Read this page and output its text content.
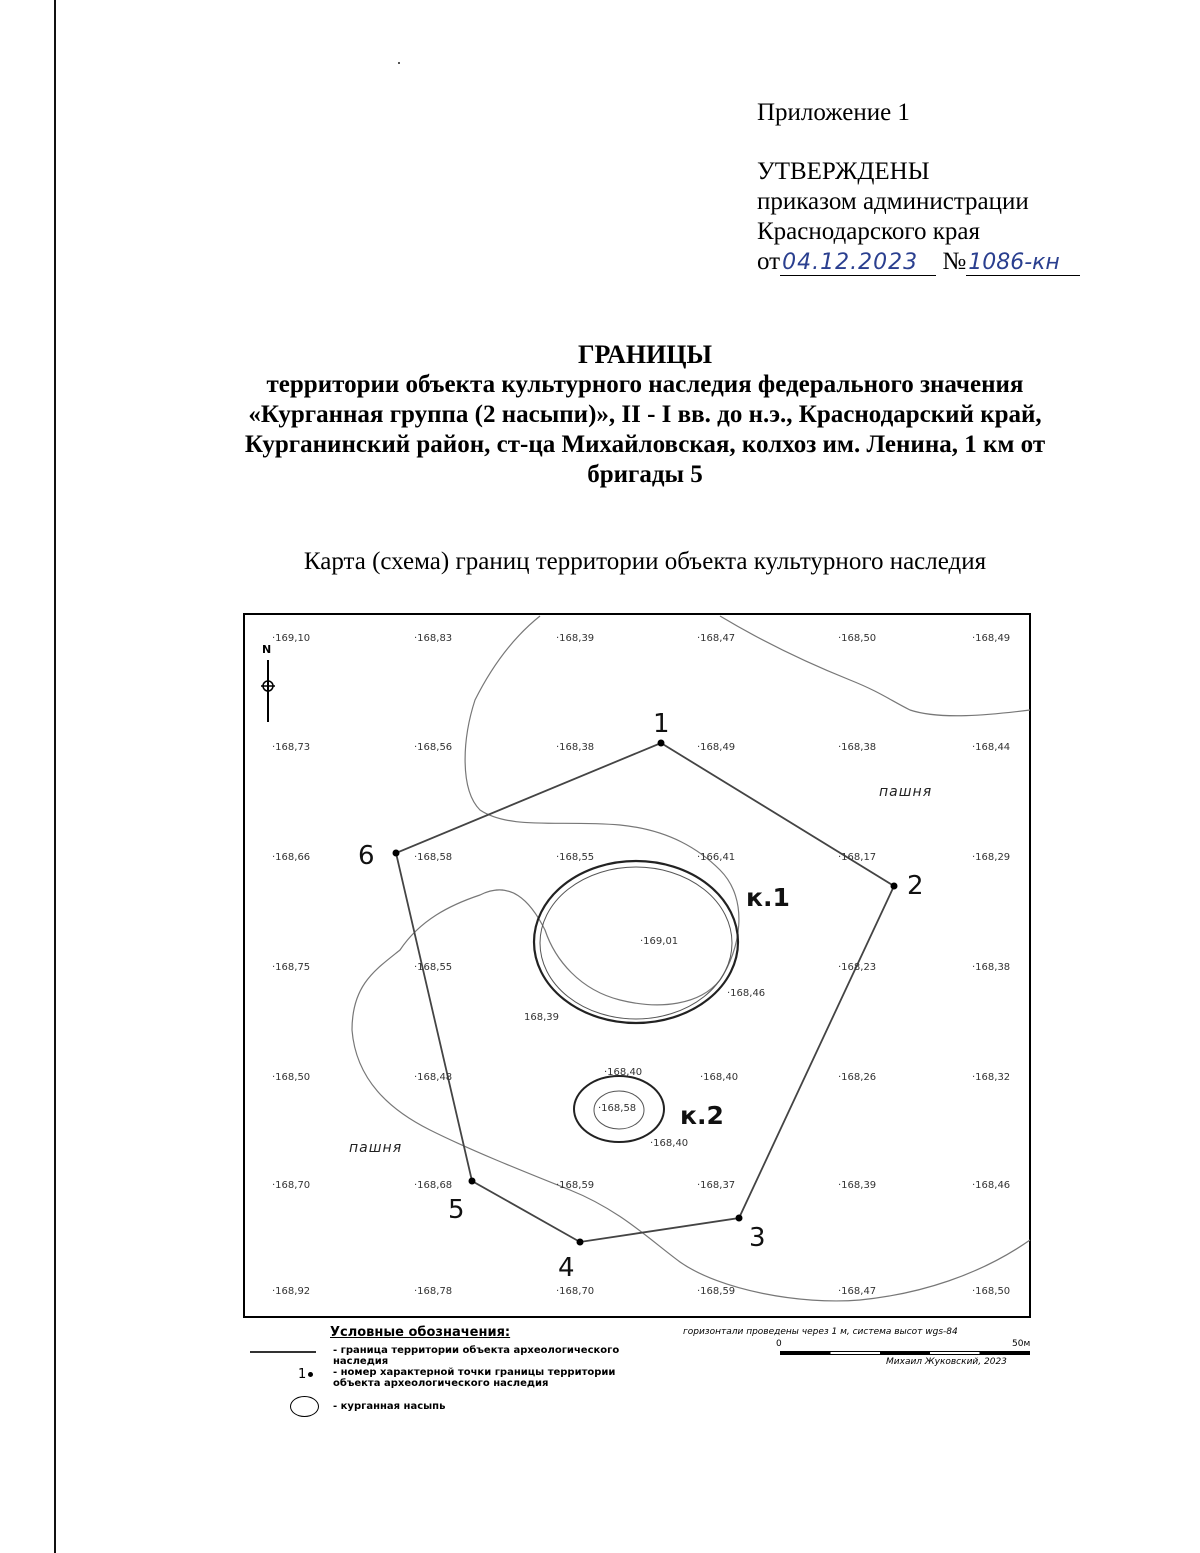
Приложение 1
УТВЕРЖДЕНЫ
приказом администрации
Краснодарского края
от04.12.2023 №1086-кн
ГРАНИЦЫ
территории объекта культурного наследия федерального значения
«Курганная группа (2 насыпи)», II - I вв. до н.э., Краснодарский край,
Курганинский район, ст-ца Михайловская, колхоз им. Ленина, 1 км от
бригады 5
Карта (схема) границ территории объекта культурного наследия
N
·169,10	·168,83	·168,39	·168,47	·168,50	·168,49
·168,73	·168,56	·168,38	·168,49	·168,38	·168,44
·168,66	·168,58	·168,55	·166,41	·168,17	·168,29
·168,75	·168,55
·169,01
·168,46
·168,23	·168,38
·168,50	·168,48	·168,40	·168,40	·168,26	·168,32
·168,70	·168,68	·168,59	·168,37	·168,39	·168,46
·168,92	·168,78	·168,70	·168,59	·168,47	·168,50
168,39
·168,58
·168,40
1
2
3
4
5
6
к.1
к.2
пашня
пашня
Условные обозначения:
- граница территории объекта археологического наследия
1	- номер характерной точки границы территории объекта археологического наследия
- курганная насыпь
горизонтали проведены через 1 м, система высот wgs-84
0	50м
Михаил Жуковский, 2023
